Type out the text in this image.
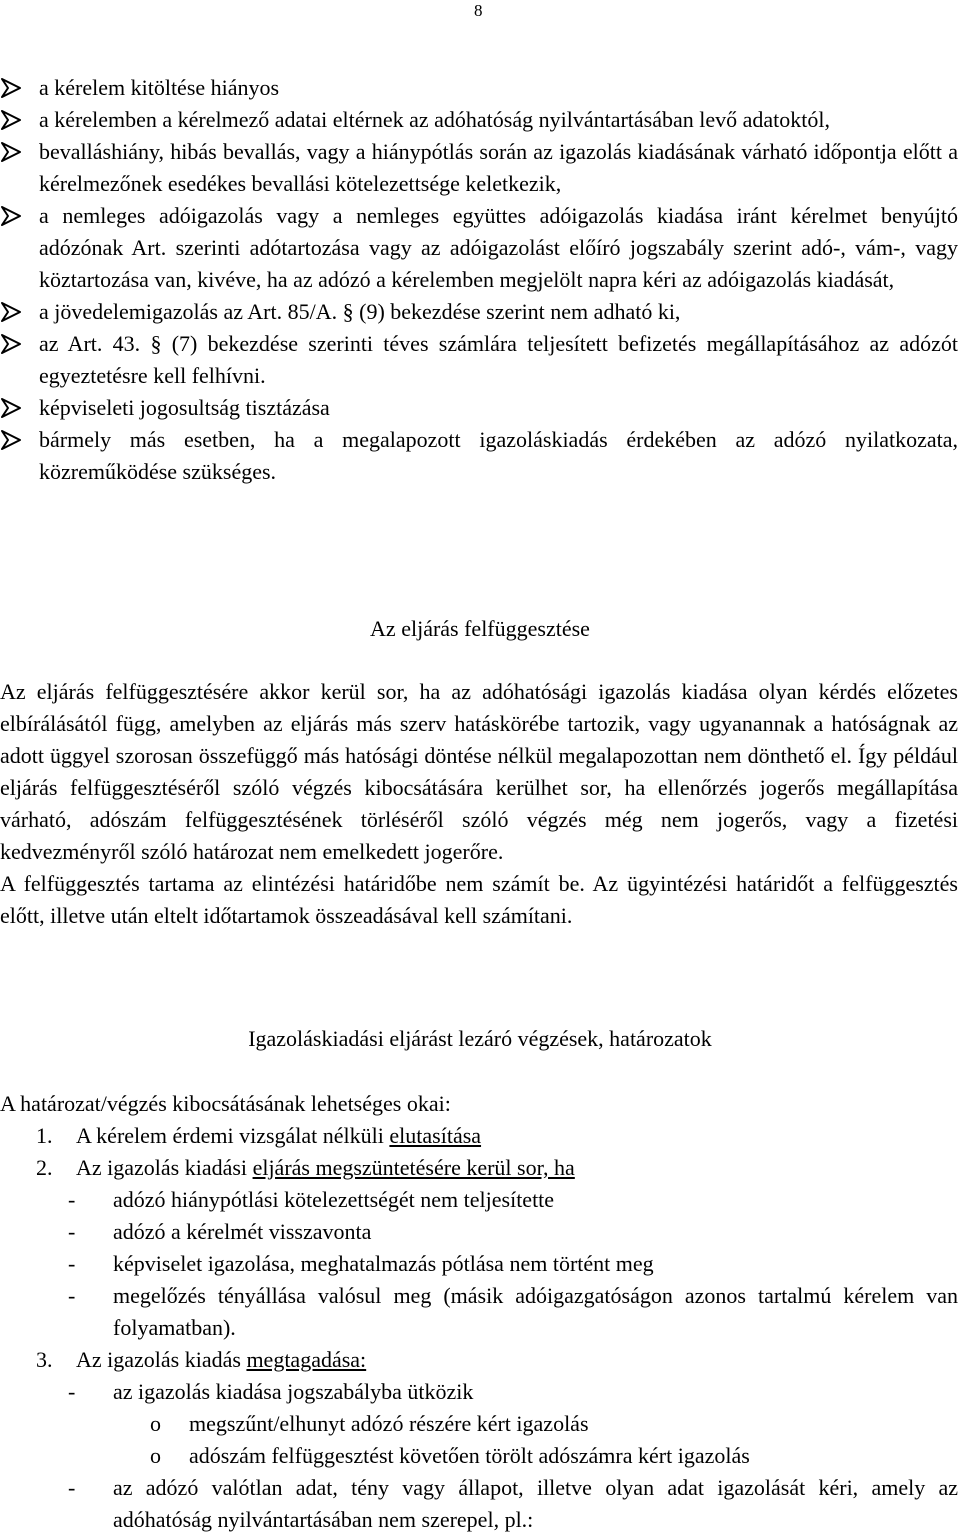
8
a kérelem kitöltése hiányos
a kérelemben a kérelmező adatai eltérnek az adóhatóság nyilvántartásában levő adatoktól,
bevalláshiány, hibás bevallás, vagy a hiánypótlás során az igazolás kiadásának várható időpontja előtt a kérelmezőnek esedékes bevallási kötelezettsége keletkezik,
a nemleges adóigazolás vagy a nemleges együttes adóigazolás kiadása iránt kérelmet benyújtó adózónak Art. szerinti adótartozása vagy az adóigazolást előíró jogszabály szerint adó-, vám-, vagy köztartozása van, kivéve, ha az adózó a kérelemben megjelölt napra kéri az adóigazolás kiadását,
a jövedelemigazolás az Art. 85/A. § (9) bekezdése szerint nem adható ki,
az Art. 43. § (7) bekezdése szerinti téves számlára teljesített befizetés megállapításához az adózót egyeztetésre kell felhívni.
képviseleti jogosultság tisztázása
bármely más esetben, ha a megalapozott igazoláskiadás érdekében az adózó nyilatkozata, közreműködése szükséges.
Az eljárás felfüggesztése

Az eljárás felfüggesztésére akkor kerül sor, ha az adóhatósági igazolás kiadása olyan kérdés előzetes elbírálásától függ, amelyben az eljárás más szerv hatáskörébe tartozik, vagy ugyanannak a hatóságnak az adott üggyel szorosan összefüggő más hatósági döntése nélkül megalapozottan nem dönthető el. Így például eljárás felfüggesztéséről szóló végzés kibocsátására kerülhet sor, ha ellenőrzés jogerős megállapítása várható, adószám felfüggesztésének törléséről szóló végzés még nem jogerős, vagy a fizetési kedvezményről szóló határozat nem emelkedett jogerőre.

A felfüggesztés tartama az elintézési határidőbe nem számít be. Az ügyintézési határidőt a felfüggesztés előtt, illetve után eltelt időtartamok összeadásával kell számítani.

Igazoláskiadási eljárást lezáró végzések, határozatok

A határozat/végzés kibocsátásának lehetséges okai:

1. A kérelem érdemi vizsgálat nélküli elutasítása
2. Az igazolás kiadási eljárás megszüntetésére kerül sor, ha
- adózó hiánypótlási kötelezettségét nem teljesítette
- adózó a kérelmét visszavonta
- képviselet igazolása, meghatalmazás pótlása nem történt meg
- megelőzés tényállása valósul meg (másik adóigazgatóságon azonos tartalmú kérelem van folyamatban).
3. Az igazolás kiadás megtagadása:
- az igazolás kiadása jogszabályba ütközik
o megszűnt/elhunyt adózó részére kért igazolás
o adószám felfüggesztést követően törölt adószámra kért igazolás
- az adózó valótlan adat, tény vagy állapot, illetve olyan adat igazolását kéri, amely az adóhatóság nyilvántartásában nem szerepel, pl.:
